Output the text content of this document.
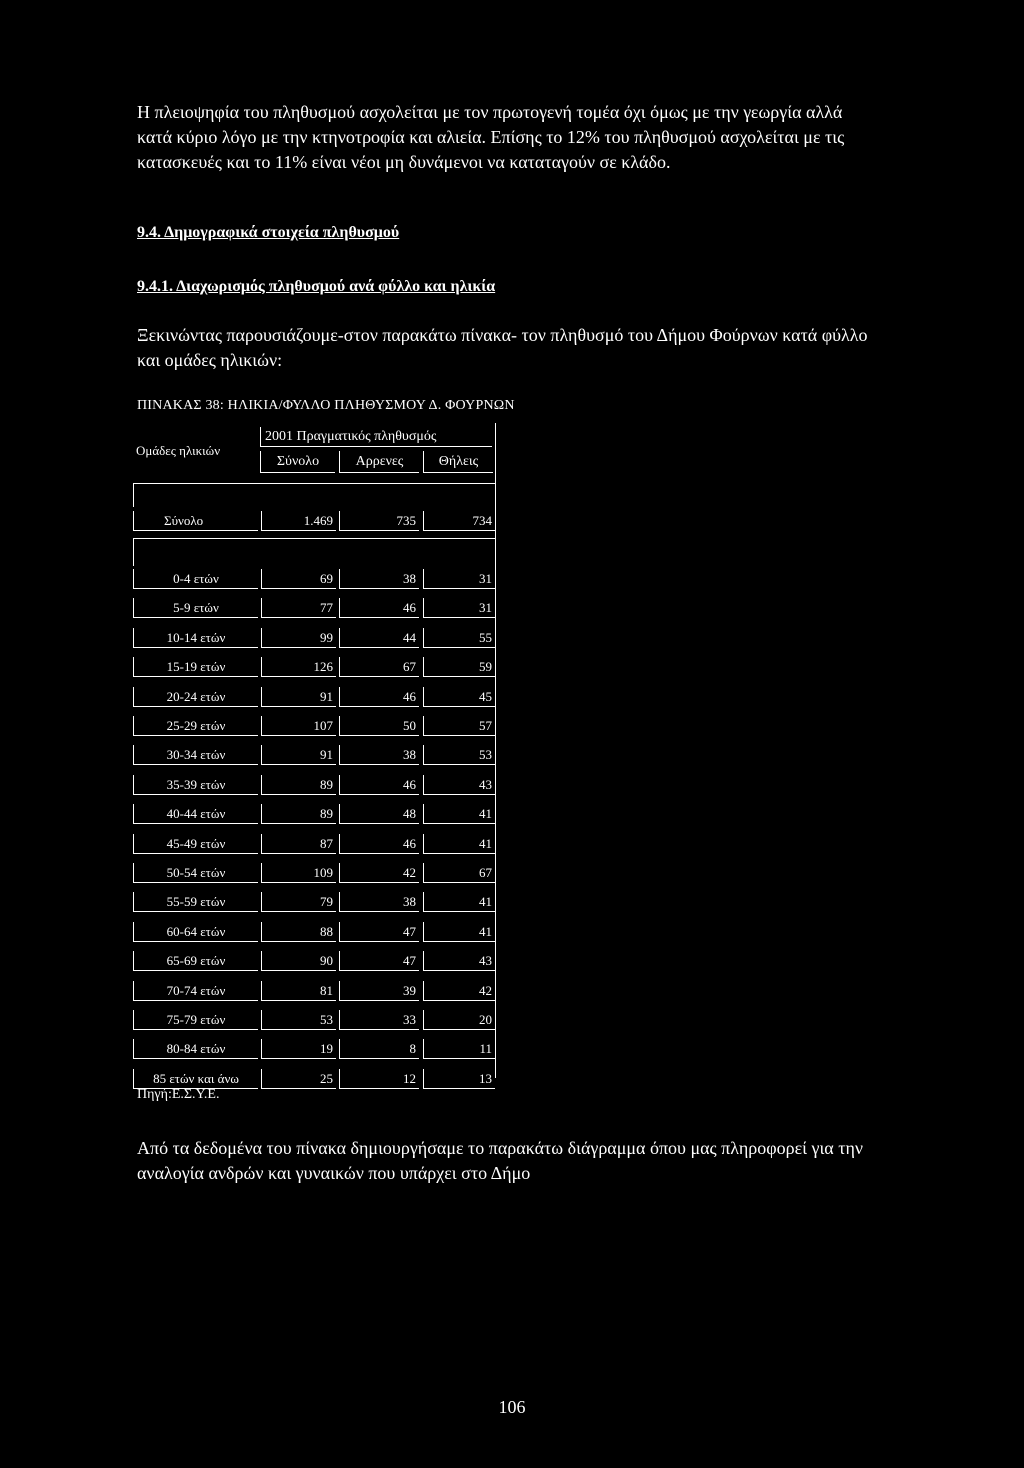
Η πλειοψηφία του πληθυσμού ασχολείται με τον πρωτογενή τομέα όχι όμως με την γεωργία αλλά κατά κύριο λόγο με την κτηνοτροφία και αλιεία. Επίσης το 12% του πληθυσμού ασχολείται με τις κατασκευές και το 11% είναι νέοι μη δυνάμενοι να καταταγούν σε κλάδο.

9.4. Δημογραφικά στοιχεία πληθυσμού

9.4.1. Διαχωρισμός πληθυσμού ανά φύλλο και ηλικία

Ξεκινώντας παρουσιάζουμε-στον παρακάτω πίνακα- τον πληθυσμό του Δήμου Φούρνων κατά φύλλο και ομάδες ηλικιών:

ΠΙΝΑΚΑΣ 38: ΗΛΙΚΙΑ/ΦΥΛΛΟ ΠΛΗΘΥΣΜΟΥ Δ. ΦΟΥΡΝΩΝ

Ομάδες ηλικιών
2001 Πραγματικός πληθυσμός
Σύνολο	Αρρενες	Θήλεις
Σύνολο	1.469	735	734
0-4 ετών	69	38	31
5-9 ετών	77	46	31
10-14 ετών	99	44	55
15-19 ετών	126	67	59
20-24 ετών	91	46	45
25-29 ετών	107	50	57
30-34 ετών	91	38	53
35-39 ετών	89	46	43
40-44 ετών	89	48	41
45-49 ετών	87	46	41
50-54 ετών	109	42	67
55-59 ετών	79	38	41
60-64 ετών	88	47	41
65-69 ετών	90	47	43
70-74 ετών	81	39	42
75-79 ετών	53	33	20
80-84 ετών	19	8	11
85 ετών και άνω	25	12	13

Πηγή:Ε.Σ.Υ.Ε.

Από τα δεδομένα του πίνακα δημιουργήσαμε το παρακάτω διάγραμμα όπου μας πληροφορεί για την αναλογία ανδρών και γυναικών που υπάρχει στο Δήμο

106
